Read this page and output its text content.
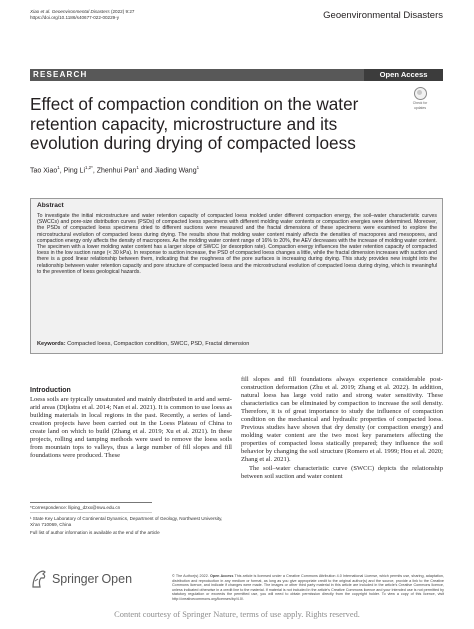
Xiao et al. Geoenvironmental Disasters (2022) 9:27
https://doi.org/10.1186/s40677-022-00229-y	Geoenvironmental Disasters
RESEARCH	Open Access
Effect of compaction condition on the water retention capacity, microstructure and its evolution during drying of compacted loess
Check for
updates
Tao Xiao$^1$, Ping $Li^{1,2*}$, Zhenhui Pan$^1$ and Jiading Wang$^1$
Abstract
To investigate the initial microstructure and water retention capacity of compacted loess molded under different compaction energy, the soil–water characteristic curves (SWCCs) and pore-size distribution curves (PSDs) of compacted loess specimens with different molding water contents or compaction energies were determined. Moreover, the PSDs of compacted loess specimens dried to different suctions were measured and the fractal dimensions of these specimens were examined to explore the microstructural evolution of compacted loess during drying. The results show that molding water content mainly affects the densities of macropores and mesopores, and compaction energy only affects the density of macropores. As the molding water content range of 16% to 20%, the AEV decreases with the increase of molding water content. The specimen with a lower molding water content has a larger slope of SWCC (or desorption rate). Compaction energy influences the water retention capacity of compacted loess in the low suction range (< 30 kPa). In response to suction increase, the PSD of compacted loess changes a little, while the fractal dimension increases with suction and there is a good linear relationship between them, indicating that the roughness of the pore surfaces is increasing during drying. This study provides new insight into the relationship between water retention capacity and pore structure of compacted loess and the microstructural evolution of compacted loess during drying, which is meaningful to the prevention of loess geological hazards.
Keywords: Compacted loess, Compaction condition, SWCC, PSD, Fractal dimension
Introduction

Loess soils are typically unsaturated and mainly distributed in arid and semi-arid areas (Dijkstra et al. 2014; Nan et al. 2021). It is common to use loess as building materials in local regions in the past. Recently, a series of land-creation projects have been carried out in the Loess Plateau of China to create land on which to build (Zhang et al. 2019; Xu et al. 2021). In these projects, rolling and tamping methods were used to remove the loess soils from mountain tops to valleys, thus a large number of fill slopes and fill foundations were produced. These

fill slopes and fill foundations always experience considerable post-construction deformation (Zhu et al. 2019; Zhang et al. 2022). In addition, natural loess has large void ratio and strong water sensitivity. These characteristics can be eliminated by compaction to increase the soil density. Therefore, it is of great importance to study the influence of compaction condition on the mechanical and hydraulic properties of compacted loess. Previous studies have shown that dry density (or compaction energy) and molding water content are the two most key parameters affecting the properties of compacted loess statically prepared; they influence the soil behavior by changing the soil structure (Romero et al. 1999; Hou et al. 2020; Zhang et al. 2021).

The soil–water characteristic curve (SWCC) depicts the relationship between soil suction and water content

*Correspondence: lliping_dzxx@nwu.edu.cn
¹ State Key Laboratory of Continental Dynamics, Department of Geology, Northwest University, Xi'an 710069, China
Full list of author information is available at the end of the article
Springer Open	© The Author(s) 2022. Open Access This article is licensed under a Creative Commons Attribution 4.0 International License, which permits use, sharing, adaptation, distribution and reproduction in any medium or format, as long as you give appropriate credit to the original author(s) and the source, provide a link to the Creative Commons licence, and indicate if changes were made. The images or other third party material in this article are included in the article's Creative Commons licence, unless indicated otherwise in a credit line to the material. If material is not included in the article's Creative Commons licence and your intended use is not permitted by statutory regulation or exceeds the permitted use, you will need to obtain permission directly from the copyright holder. To view a copy of this licence, visit http://creativecommons.org/licenses/by/4.0/.
Content courtesy of Springer Nature, terms of use apply. Rights reserved.
